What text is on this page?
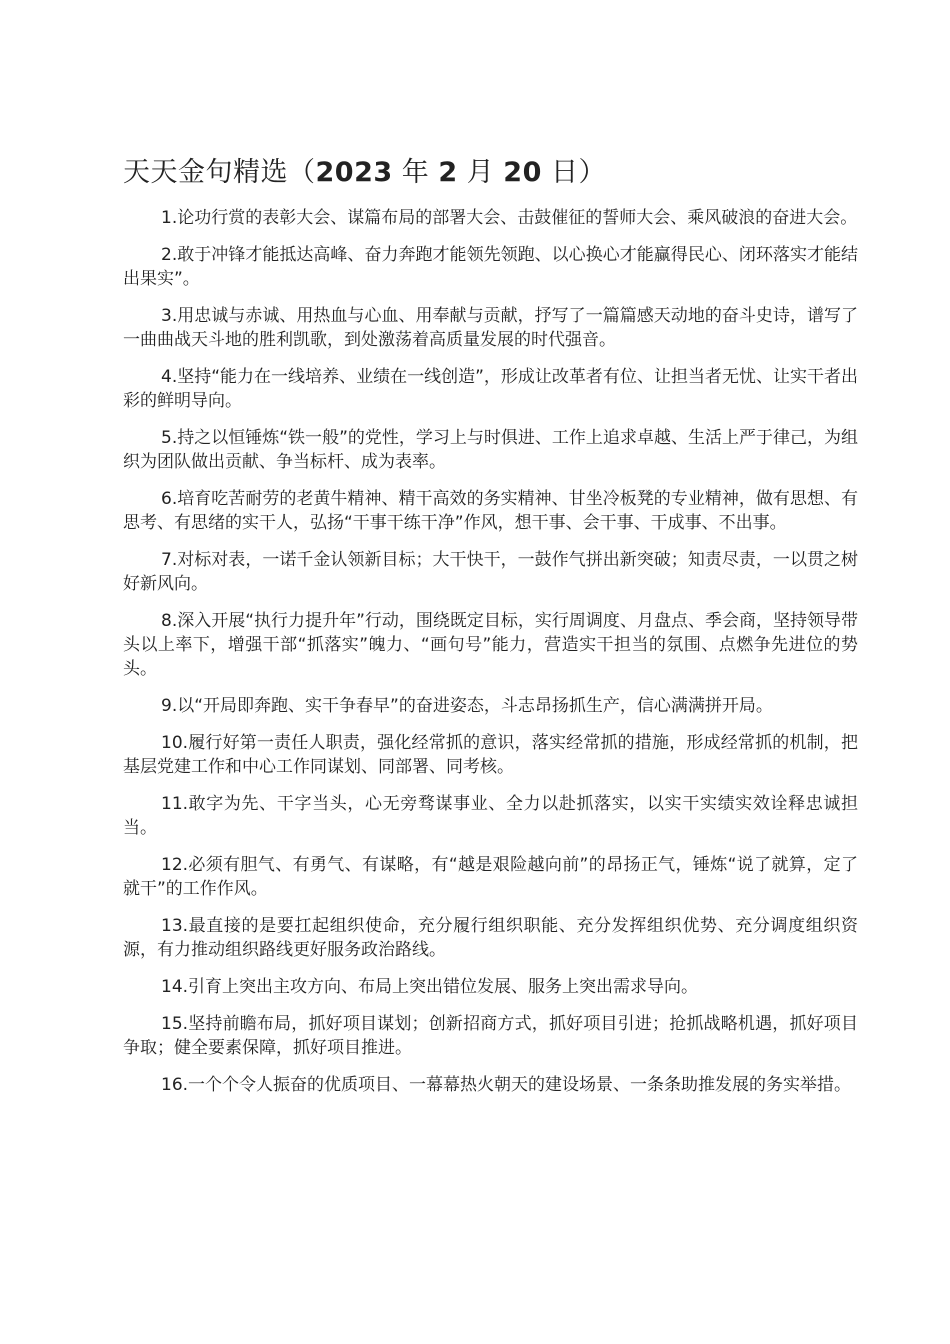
天天金句精选（2023 年 2 月 20 日）

1.论功行赏的表彰大会、谋篇布局的部署大会、击鼓催征的誓师大会、乘风破浪的奋进大会。

2.敢于冲锋才能抵达高峰、奋力奔跑才能领先领跑、以心换心才能赢得民心、闭环落实才能结出果实”。

3.用忠诚与赤诚、用热血与心血、用奉献与贡献，抒写了一篇篇感天动地的奋斗史诗，谱写了一曲曲战天斗地的胜利凯歌，到处激荡着高质量发展的时代强音。

4.坚持“能力在一线培养、业绩在一线创造”，形成让改革者有位、让担当者无忧、让实干者出彩的鲜明导向。

5.持之以恒锤炼“铁一般”的党性，学习上与时俱进、工作上追求卓越、生活上严于律己，为组织为团队做出贡献、争当标杆、成为表率。

6.培育吃苦耐劳的老黄牛精神、精干高效的务实精神、甘坐冷板凳的专业精神，做有思想、有思考、有思绪的实干人，弘扬“干事干练干净”作风，想干事、会干事、干成事、不出事。

7.对标对表，一诺千金认领新目标；大干快干，一鼓作气拼出新突破；知责尽责，一以贯之树好新风向。

8.深入开展“执行力提升年”行动，围绕既定目标，实行周调度、月盘点、季会商，坚持领导带头以上率下，增强干部“抓落实”魄力、“画句号”能力，营造实干担当的氛围、点燃争先进位的势头。

9.以“开局即奔跑、实干争春早”的奋进姿态，斗志昂扬抓生产，信心满满拼开局。

10.履行好第一责任人职责，强化经常抓的意识，落实经常抓的措施，形成经常抓的机制，把基层党建工作和中心工作同谋划、同部署、同考核。

11.敢字为先、干字当头，心无旁骛谋事业、全力以赴抓落实，以实干实绩实效诠释忠诚担当。

12.必须有胆气、有勇气、有谋略，有“越是艰险越向前”的昂扬正气，锤炼“说了就算，定了就干”的工作作风。

13.最直接的是要扛起组织使命，充分履行组织职能、充分发挥组织优势、充分调度组织资源，有力推动组织路线更好服务政治路线。

14.引育上突出主攻方向、布局上突出错位发展、服务上突出需求导向。

15.坚持前瞻布局，抓好项目谋划；创新招商方式，抓好项目引进；抢抓战略机遇，抓好项目争取；健全要素保障，抓好项目推进。

16.一个个令人振奋的优质项目、一幕幕热火朝天的建设场景、一条条助推发展的务实举措。
